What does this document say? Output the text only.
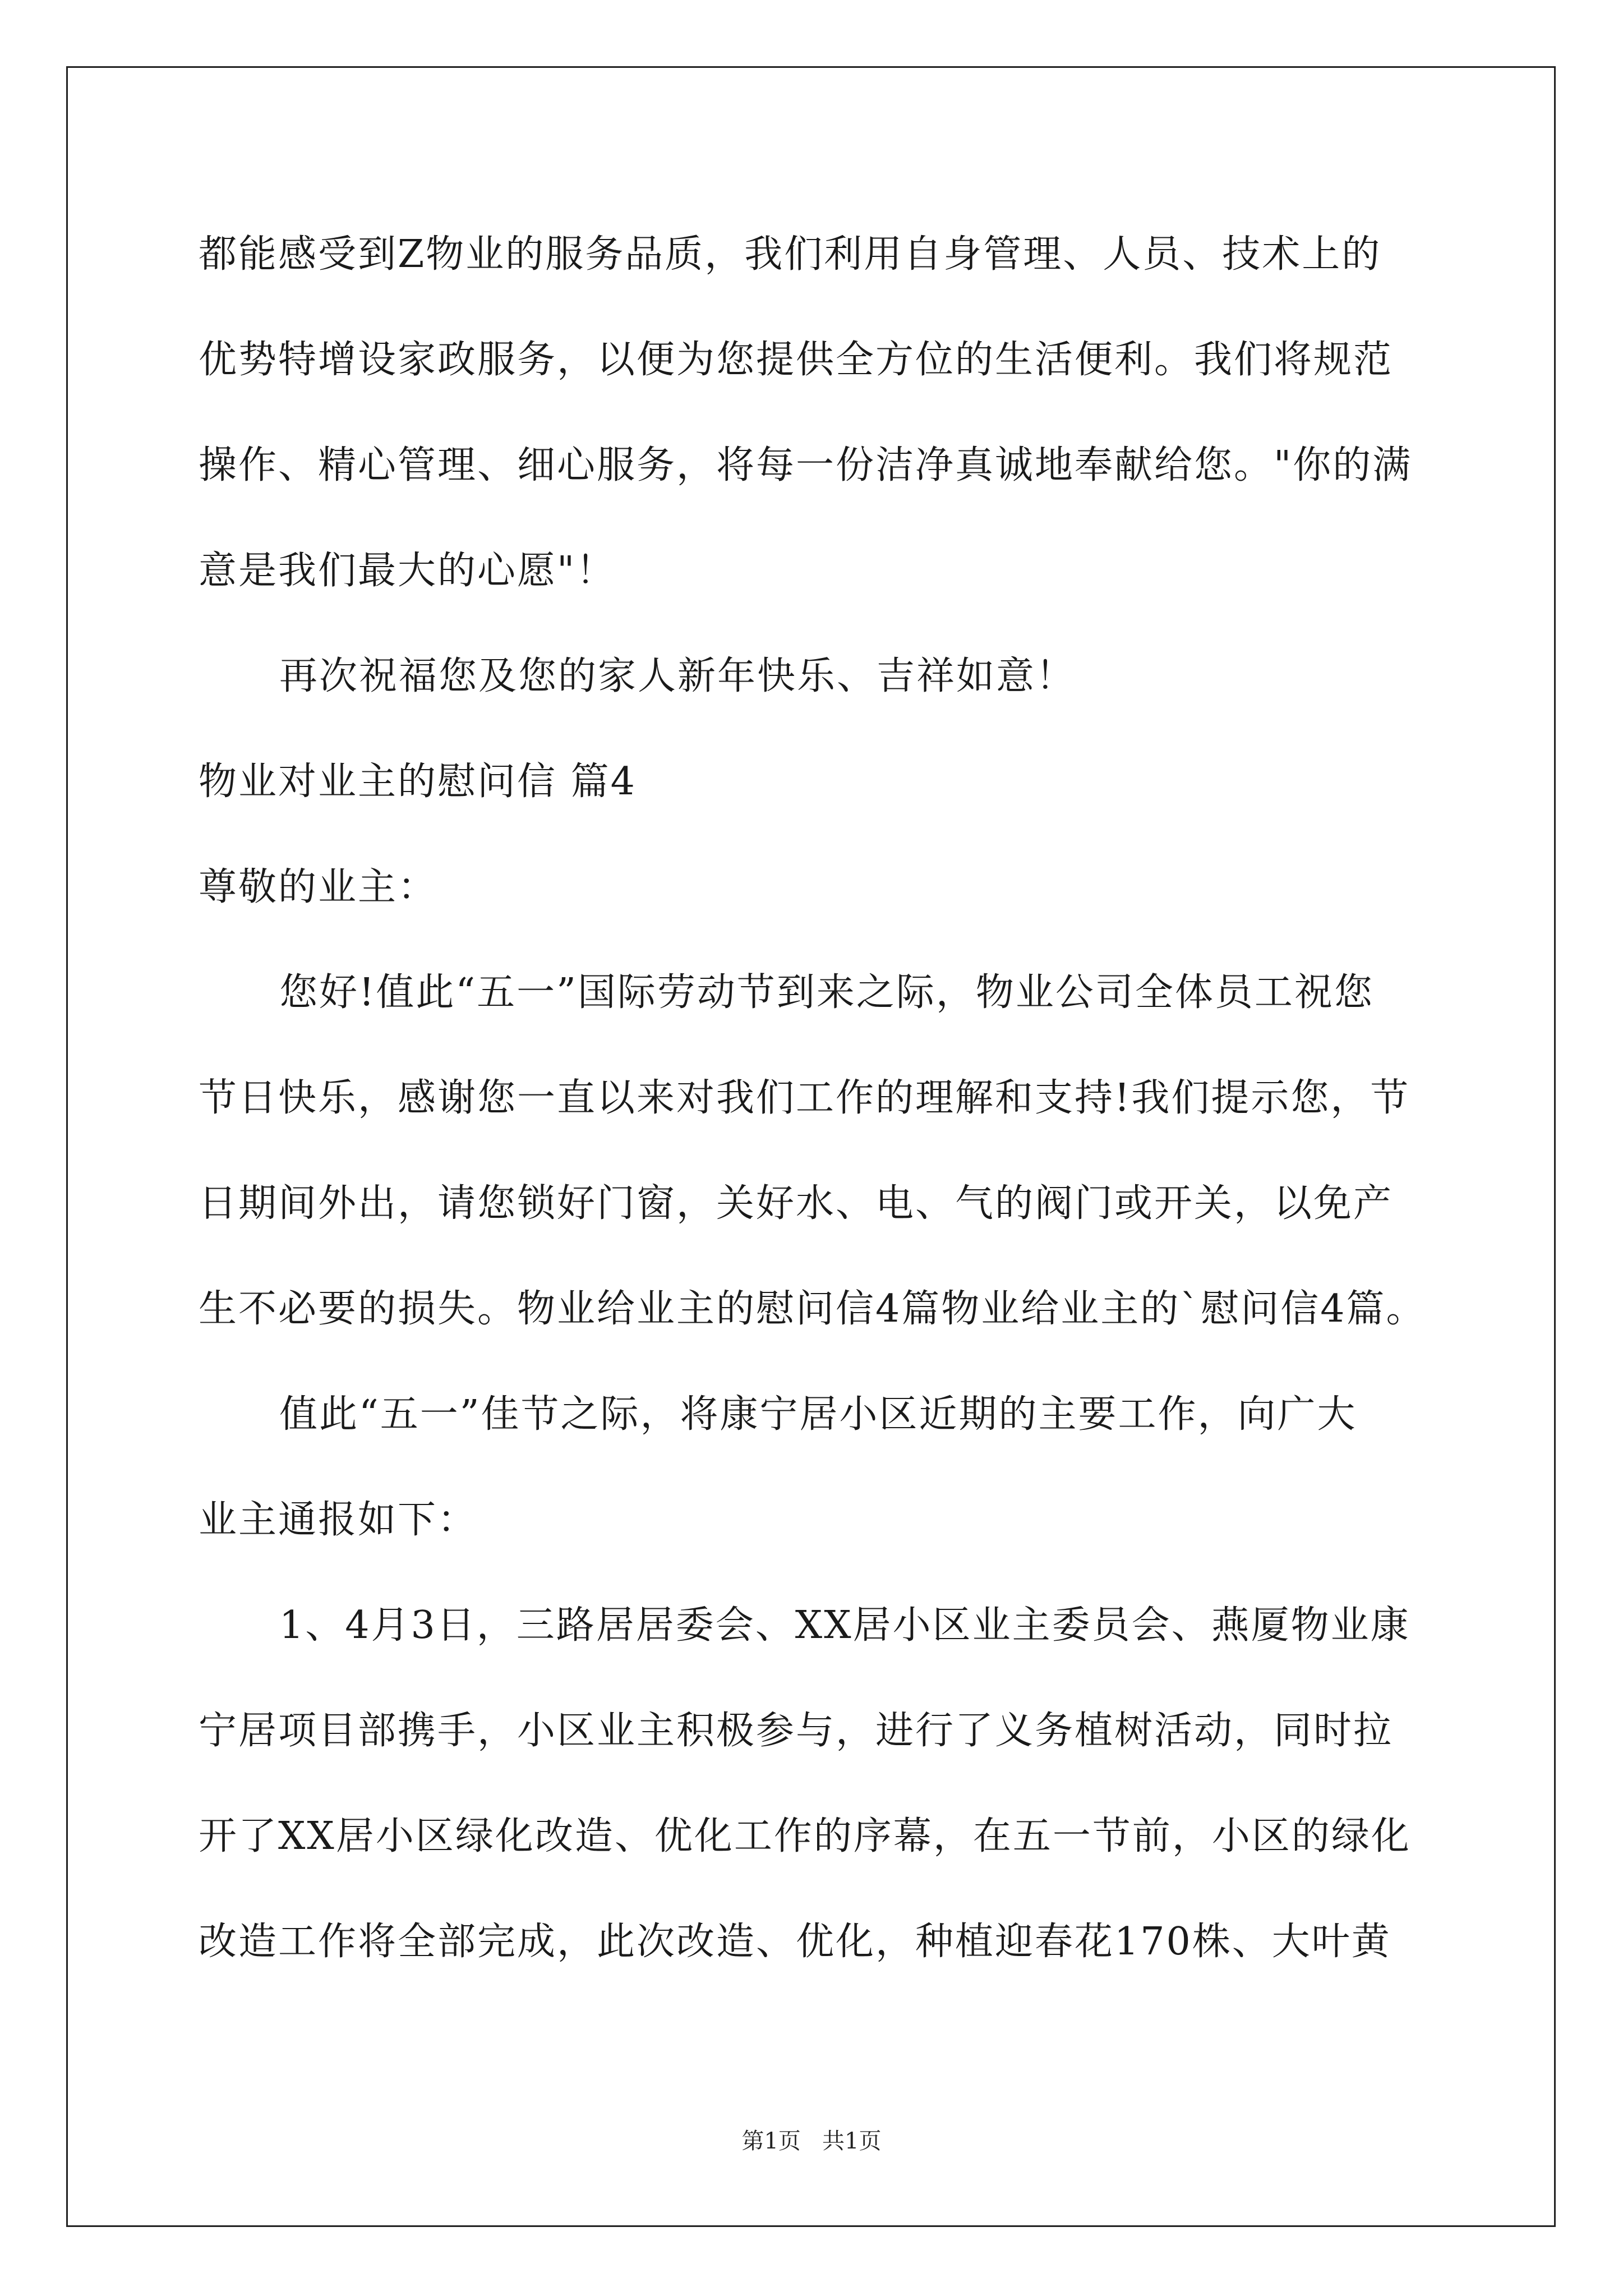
都能感受到Z物业的服务品质，我们利用自身管理、人员、技术上的
优势特增设家政服务，以便为您提供全方位的生活便利。我们将规范
操作、精心管理、细心服务，将每一份洁净真诚地奉献给您。"你的满
意是我们最大的心愿"！
再次祝福您及您的家人新年快乐、吉祥如意！
物业对业主的慰问信 篇4
尊敬的业主：
您好!值此“五一”国际劳动节到来之际，物业公司全体员工祝您
节日快乐，感谢您一直以来对我们工作的理解和支持!我们提示您，节
日期间外出，请您锁好门窗，关好水、电、气的阀门或开关，以免产
生不必要的损失。物业给业主的慰问信4篇物业给业主的`慰问信4篇。
值此“五一”佳节之际，将康宁居小区近期的主要工作，向广大
业主通报如下：
1、4月3日，三路居居委会、XX居小区业主委员会、燕厦物业康
宁居项目部携手，小区业主积极参与，进行了义务植树活动，同时拉
开了XX居小区绿化改造、优化工作的序幕，在五一节前，小区的绿化
改造工作将全部完成，此次改造、优化，种植迎春花170株、大叶黄
第1页   共1页
